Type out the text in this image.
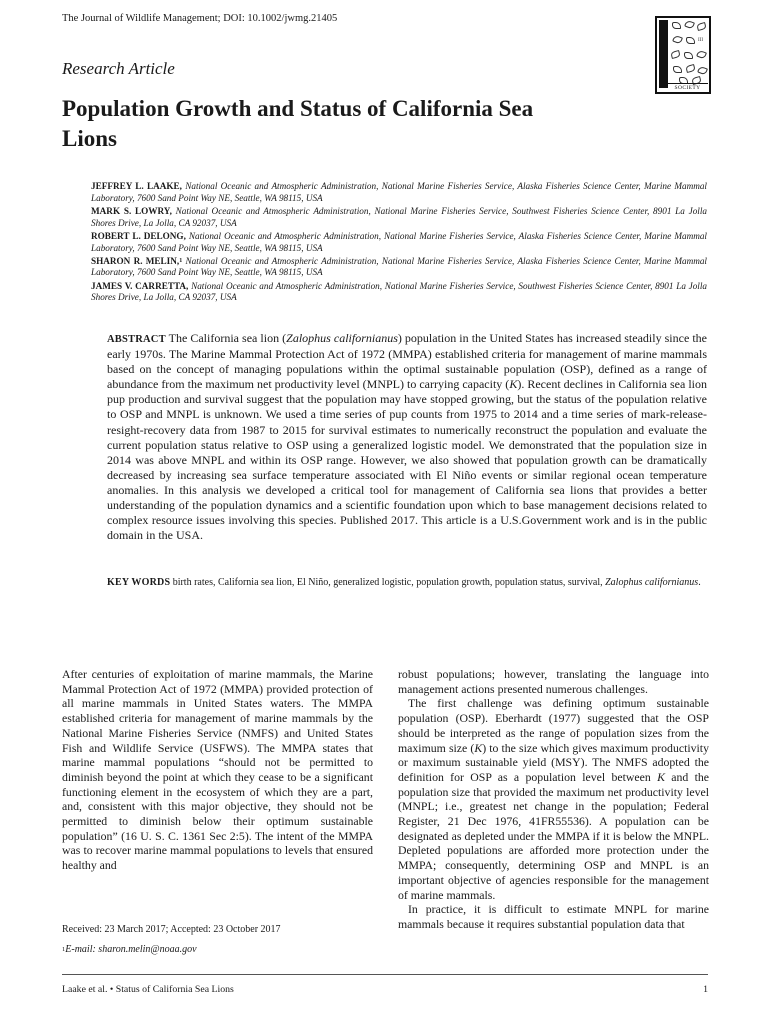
The Journal of Wildlife Management; DOI: 10.1002/jwmg.21405
III
SOCIETY
Research Article
Population Growth and Status of California Sea Lions
JEFFREY L. LAAKE, National Oceanic and Atmospheric Administration, National Marine Fisheries Service, Alaska Fisheries Science Center, Marine Mammal Laboratory, 7600 Sand Point Way NE, Seattle, WA 98115, USA
MARK S. LOWRY, National Oceanic and Atmospheric Administration, National Marine Fisheries Service, Southwest Fisheries Science Center, 8901 La Jolla Shores Drive, La Jolla, CA 92037, USA
ROBERT L. DELONG, National Oceanic and Atmospheric Administration, National Marine Fisheries Service, Alaska Fisheries Science Center, Marine Mammal Laboratory, 7600 Sand Point Way NE, Seattle, WA 98115, USA
SHARON R. MELIN,$^1$ National Oceanic and Atmospheric Administration, National Marine Fisheries Service, Alaska Fisheries Science Center, Marine Mammal Laboratory, 7600 Sand Point Way NE, Seattle, WA 98115, USA
JAMES V. CARRETTA, National Oceanic and Atmospheric Administration, National Marine Fisheries Service, Southwest Fisheries Science Center, 8901 La Jolla Shores Drive, La Jolla, CA 92037, USA
ABSTRACT The California sea lion (Zalophus californianus) population in the United States has increased steadily since the early 1970s. The Marine Mammal Protection Act of 1972 (MMPA) established criteria for management of marine mammals based on the concept of managing populations within the optimal sustainable population (OSP), defined as a range of abundance from the maximum net productivity level (MNPL) to carrying capacity (K). Recent declines in California sea lion pup production and survival suggest that the population may have stopped growing, but the status of the population relative to OSP and MNPL is unknown. We used a time series of pup counts from 1975 to 2014 and a time series of mark-release-resight-recovery data from 1987 to 2015 for survival estimates to numerically reconstruct the population and evaluate the current population status relative to OSP using a generalized logistic model. We demonstrated that the population size in 2014 was above MNPL and within its OSP range. However, we also showed that population growth can be dramatically decreased by increasing sea surface temperature associated with El Niño events or similar regional ocean temperature anomalies. In this analysis we developed a critical tool for management of California sea lions that provides a better understanding of the population dynamics and a scientific foundation upon which to base management decisions related to complex resource issues involving this species. Published 2017. This article is a U.S.Government work and is in the public domain in the USA.
KEY WORDS birth rates, California sea lion, El Niño, generalized logistic, population growth, population status, survival, Zalophus californianus.

After centuries of exploitation of marine mammals, the Marine Mammal Protection Act of 1972 (MMPA) provided protection of all marine mammals in United States waters. The MMPA established criteria for management of marine mammals by the National Marine Fisheries Service (NMFS) and United States Fish and Wildlife Service (USFWS). The MMPA states that marine mammal populations “should not be permitted to diminish beyond the point at which they cease to be a significant functioning element in the ecosystem of which they are a part, and, consistent with this major objective, they should not be permitted to diminish below their optimum sustainable population” (16 U. S. C. 1361 Sec 2:5). The intent of the MMPA was to recover marine mammal populations to levels that ensured healthy and

robust populations; however, translating the language into management actions presented numerous challenges.

The first challenge was defining optimum sustainable population (OSP). Eberhardt (1977) suggested that the OSP should be interpreted as the range of population sizes from the maximum size (K) to the size which gives maximum productivity or maximum sustainable yield (MSY). The NMFS adopted the definition for OSP as a population level between K and the population size that provided the maximum net productivity level (MNPL; i.e., greatest net change in the population; Federal Register, 21 Dec 1976, 41FR55536). A population can be designated as depleted under the MMPA if it is below the MNPL. Depleted populations are afforded more protection under the MMPA; consequently, determining OSP and MNPL is an important objective of agencies responsible for the management of marine mammals.

In practice, it is difficult to estimate MNPL for marine mammals because it requires substantial population data that

Received: 23 March 2017; Accepted: 23 October 2017
$^1$E-mail: sharon.melin@noaa.gov
Laake et al. • Status of California Sea Lions	1
